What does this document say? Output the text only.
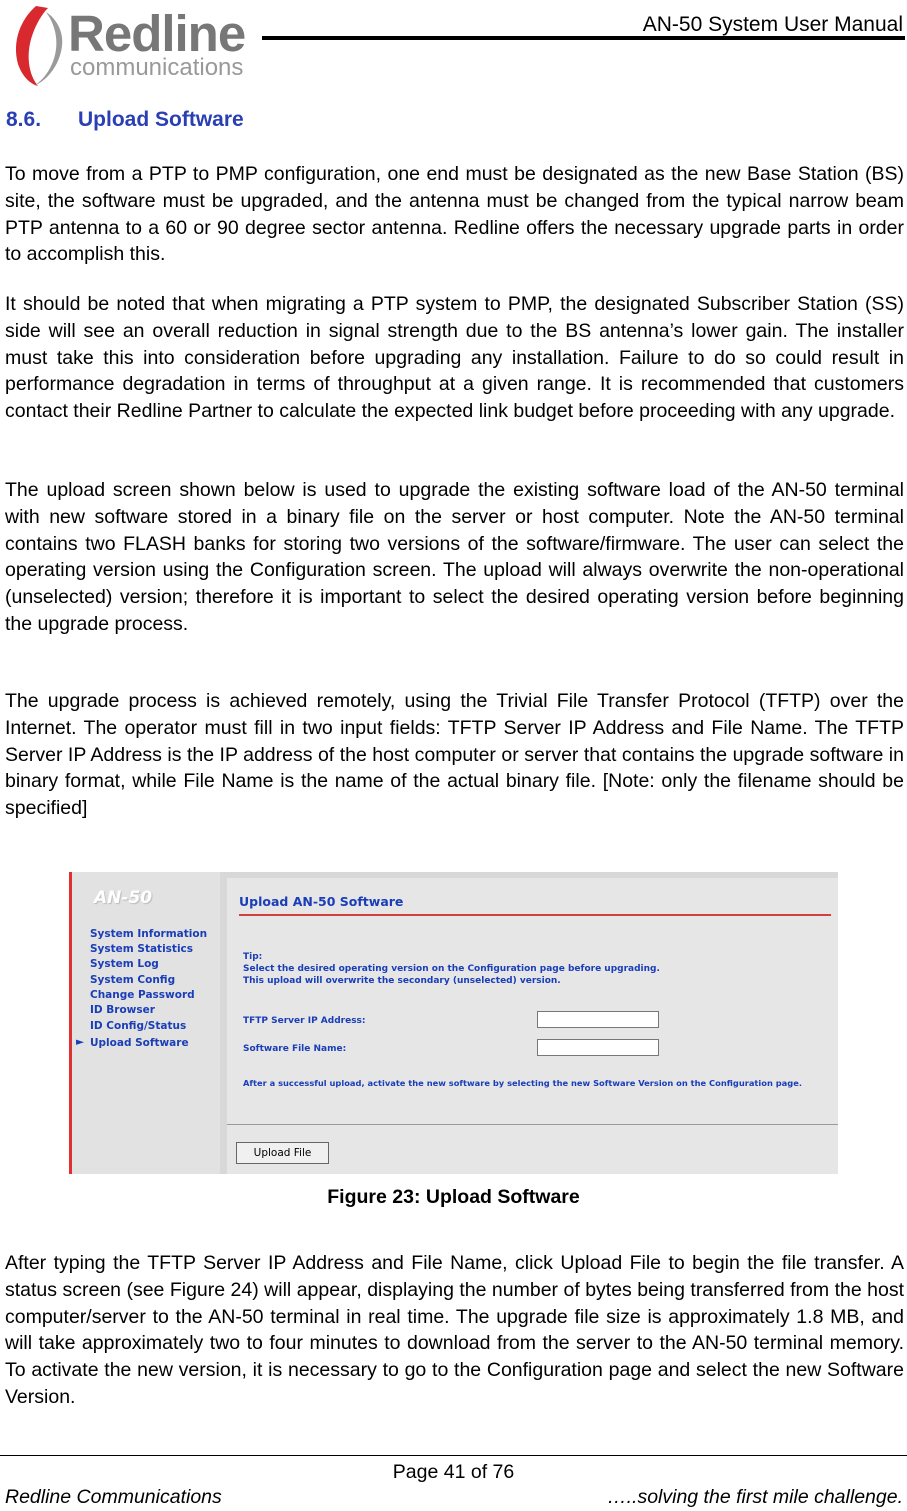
Redline
communications
AN-50 System User Manual
8.6. Upload Software

To move from a PTP to PMP configuration, one end must be designated as the new Base Station (BS) site, the software must be upgraded, and the antenna must be changed from the typical narrow beam PTP antenna to a 60 or 90 degree sector antenna. Redline offers the necessary upgrade parts in order to accomplish this.

It should be noted that when migrating a PTP system to PMP, the designated Subscriber Station (SS) side will see an overall reduction in signal strength due to the BS antenna’s lower gain. The installer must take this into consideration before upgrading any installation. Failure to do so could result in performance degradation in terms of throughput at a given range. It is recommended that customers contact their Redline Partner to calculate the expected link budget before proceeding with any upgrade.

The upload screen shown below is used to upgrade the existing software load of the AN-50 terminal with new software stored in a binary file on the server or host computer. Note the AN-50 terminal contains two FLASH banks for storing two versions of the software/firmware. The user can select the operating version using the Configuration screen. The upload will always overwrite the non-operational (unselected) version; therefore it is important to select the desired operating version before beginning the upgrade process.

The upgrade process is achieved remotely, using the Trivial File Transfer Protocol (TFTP) over the Internet. The operator must fill in two input fields: TFTP Server IP Address and File Name. The TFTP Server IP Address is the IP address of the host computer or server that contains the upgrade software in binary format, while File Name is the name of the actual binary file. [Note: only the filename should be specified]

AN-50
System Information
System Statistics
System Log
System Config
Change Password
ID Browser
ID Config/Status
► Upload Software
Upload AN-50 Software
Tip:
Select the desired operating version on the Configuration page before upgrading.
This upload will overwrite the secondary (unselected) version.
TFTP Server IP Address:
Software File Name:
After a successful upload, activate the new software by selecting the new Software Version on the Configuration page.
Upload File
Figure 23: Upload Software

After typing the TFTP Server IP Address and File Name, click Upload File to begin the file transfer. A status screen (see Figure 24) will appear, displaying the number of bytes being transferred from the host computer/server to the AN-50 terminal in real time. The upgrade file size is approximately 1.8 MB, and will take approximately two to four minutes to download from the server to the AN-50 terminal memory. To activate the new version, it is necessary to go to the Configuration page and select the new Software Version.

Page 41 of 76
Redline Communications	…..solving the first mile challenge.
